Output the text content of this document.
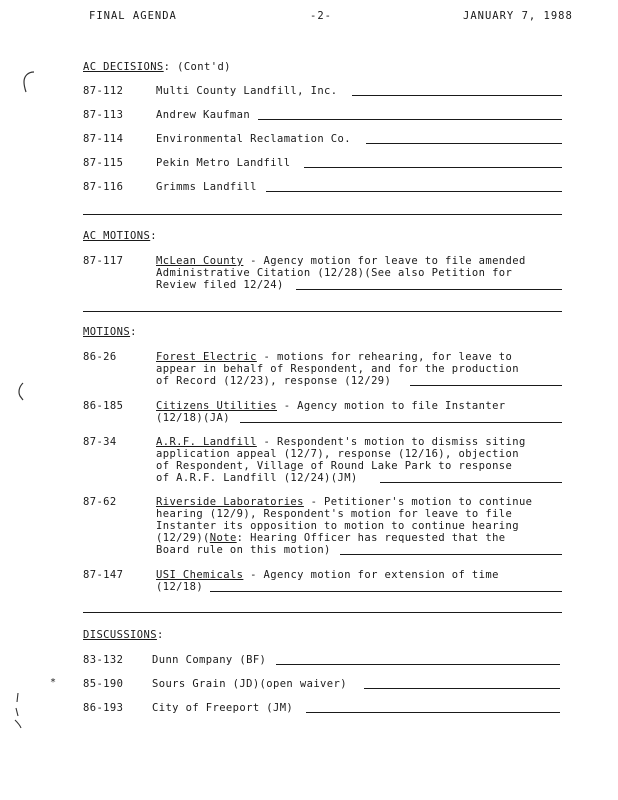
FINAL AGENDA	-2-	JANUARY 7, 1988
AC DECISIONS: (Cont'd)
87-112	Multi County Landfill, Inc.
87-113	Andrew Kaufman
87-114	Environmental Reclamation Co.
87-115	Pekin Metro Landfill
87-116	Grimms Landfill
AC MOTIONS:
87-117	McLean County - Agency motion for leave to file amended
Administrative Citation (12/28)(See also Petition for
Review filed 12/24)
MOTIONS:
86-26	Forest Electric - motions for rehearing, for leave to
appear in behalf of Respondent, and for the production
of Record (12/23), response (12/29)
86-185	Citizens Utilities - Agency motion to file Instanter
(12/18)(JA)
87-34	A.R.F. Landfill - Respondent's motion to dismiss siting
application appeal (12/7), response (12/16), objection
of Respondent, Village of Round Lake Park to response
of A.R.F. Landfill (12/24)(JM)
87-62	Riverside Laboratories - Petitioner's motion to continue
hearing (12/9), Respondent's motion for leave to file
Instanter its opposition to motion to continue hearing
(12/29)(Note: Hearing Officer has requested that the
Board rule on this motion)
87-147	USI Chemicals - Agency motion for extension of time
(12/18)
DISCUSSIONS:
83-132	Dunn Company (BF)
*	85-190	Sours Grain (JD)(open waiver)
86-193	City of Freeport (JM)
